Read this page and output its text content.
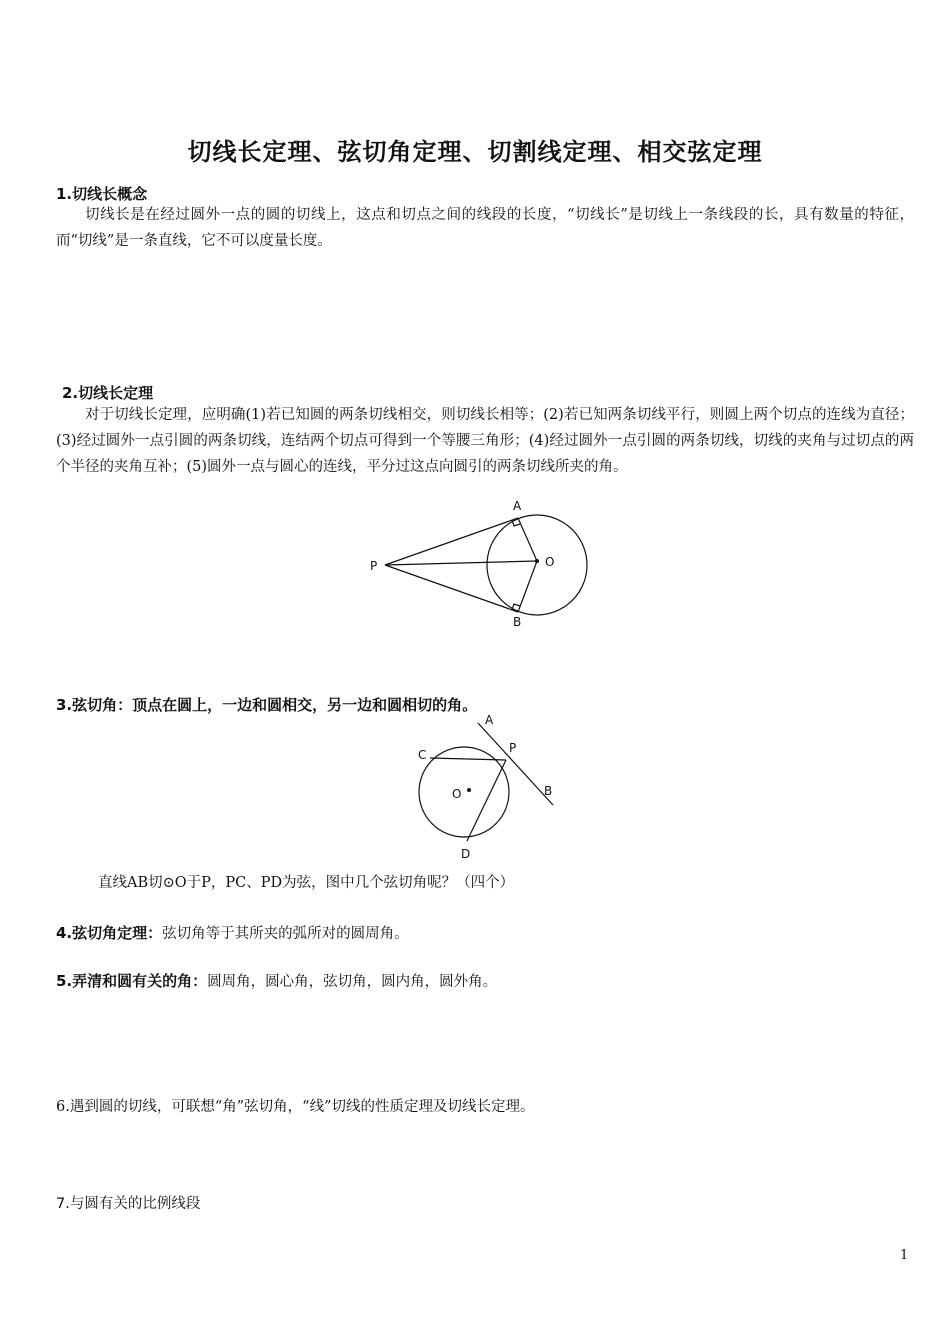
切线长定理、弦切角定理、切割线定理、相交弦定理
1.切线长概念
切线长是在经过圆外一点的圆的切线上，这点和切点之间的线段的长度，“切线长”是切线上一条线段的长，具有数量的特征，而“切线”是一条直线，它不可以度量长度。
2.切线长定理
对于切线长定理，应明确(1)若已知圆的两条切线相交，则切线长相等；(2)若已知两条切线平行，则圆上两个切点的连线为直径；(3)经过圆外一点引圆的两条切线，连结两个切点可得到一个等腰三角形；(4)经过圆外一点引圆的两条切线，切线的夹角与过切点的两个半径的夹角互补；(5)圆外一点与圆心的连线，平分过这点向圆引的两条切线所夹的角。
P
A
B
O
3.弦切角：顶点在圆上，一边和圆相交，另一边和圆相切的角。
A
B
C	P
O
D
直线AB切⊙O于P，PC、PD为弦，图中几个弦切角呢？（四个）
4.弦切角定理：弦切角等于其所夹的弧所对的圆周角。
5.弄清和圆有关的角：圆周角，圆心角，弦切角，圆内角，圆外角。
6.遇到圆的切线，可联想“角”弦切角，“线”切线的性质定理及切线长定理。
7.与圆有关的比例线段
1
